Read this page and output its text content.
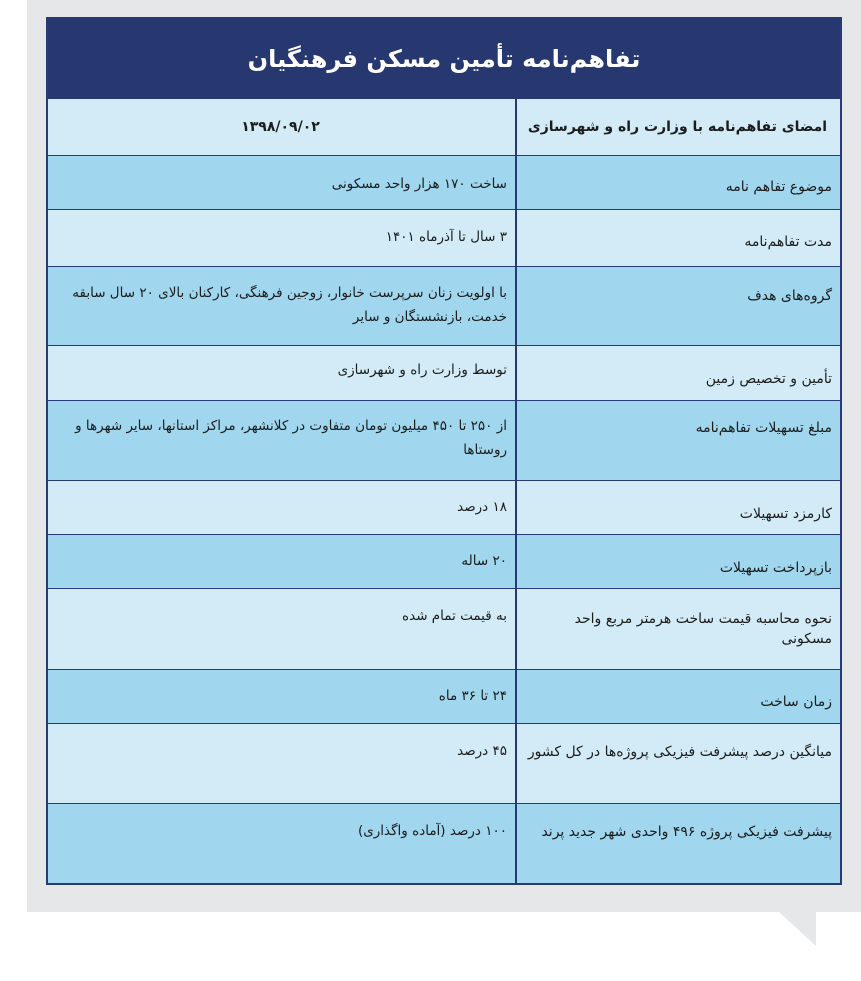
تفاهم‌نامه تأمین مسکن فرهنگیان
امضای تفاهم‌نامه با وزارت راه و شهرسازی
۱۳۹۸/۰۹/۰۲
موضوع تفاهم نامه
ساخت ۱۷۰ هزار واحد مسکونی
مدت تفاهم‌نامه
۳ سال تا آذرماه ۱۴۰۱
گروه‌های هدف
با اولویت زنان سرپرست خانوار، زوجین فرهنگی، کارکنان بالای ۲۰ سال سابقه خدمت، بازنشستگان و سایر
تأمین و تخصیص زمین
توسط وزارت راه و شهرسازی
مبلغ تسهیلات تفاهم‌نامه
از ۲۵۰ تا ۴۵۰ میلیون تومان متفاوت در کلانشهر، مراکز استانها، سایر شهرها و روستاها
کارمزد تسهیلات
۱۸ درصد
بازپرداخت تسهیلات
۲۰ ساله
نحوه محاسبه قیمت ساخت هرمتر مربع واحد مسکونی
به قیمت تمام شده
زمان ساخت
۲۴ تا ۳۶ ماه
میانگین درصد پیشرفت فیزیکی پروژه‌ها در کل کشور
۴۵ درصد
پیشرفت فیزیکی پروژه ۴۹۶ واحدی شهر جدید پرند
۱۰۰ درصد (آماده واگذاری)
